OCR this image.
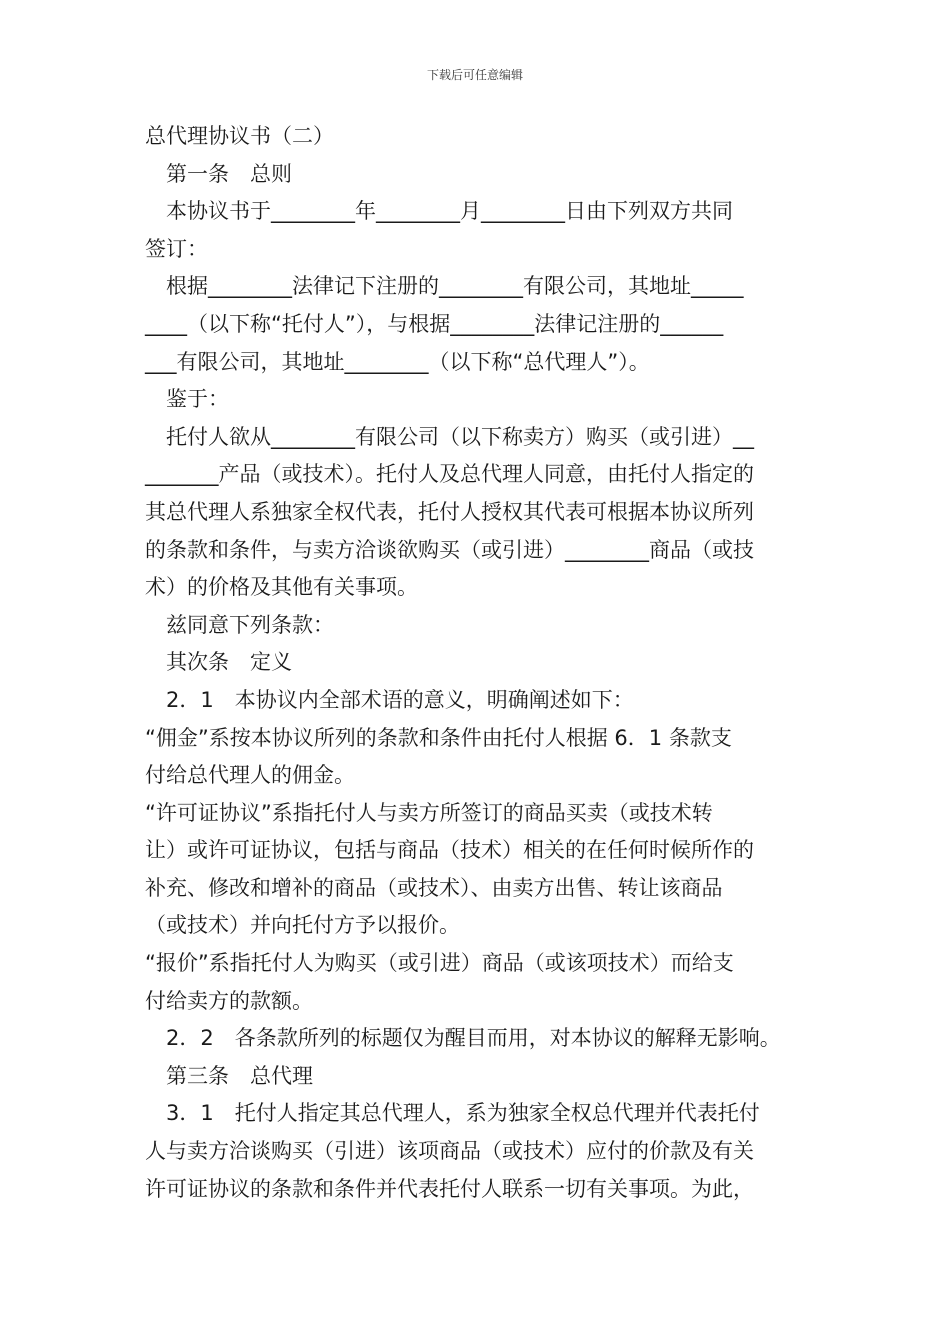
下载后可任意编辑

总代理协议书（二）

第一条　总则

本协议书于________年________月________日由下列双方共同

签订：

根据________法律记下注册的________有限公司，其地址_____

____（以下称“托付人”），与根据________法律记注册的______

___有限公司，其地址________（以下称“总代理人”）。

鉴于：

托付人欲从________有限公司（以下称卖方）购买（或引进）__

_______产品（或技术）。托付人及总代理人同意，由托付人指定的

其总代理人系独家全权代表，托付人授权其代表可根据本协议所列

的条款和条件，与卖方洽谈欲购买（或引进）________商品（或技

术）的价格及其他有关事项。

兹同意下列条款：

其次条　定义

2．1　本协议内全部术语的意义，明确阐述如下：

“佣金”系按本协议所列的条款和条件由托付人根据 6．1 条款支

付给总代理人的佣金。

“许可证协议”系指托付人与卖方所签订的商品买卖（或技术转

让）或许可证协议，包括与商品（技术）相关的在任何时候所作的

补充、修改和增补的商品（或技术）、由卖方出售、转让该商品

（或技术）并向托付方予以报价。

“报价”系指托付人为购买（或引进）商品（或该项技术）而给支

付给卖方的款额。

2．2　各条款所列的标题仅为醒目而用，对本协议的解释无影响。

第三条　总代理

3．1　托付人指定其总代理人，系为独家全权总代理并代表托付

人与卖方洽谈购买（引进）该项商品（或技术）应付的价款及有关

许可证协议的条款和条件并代表托付人联系一切有关事项。为此，
